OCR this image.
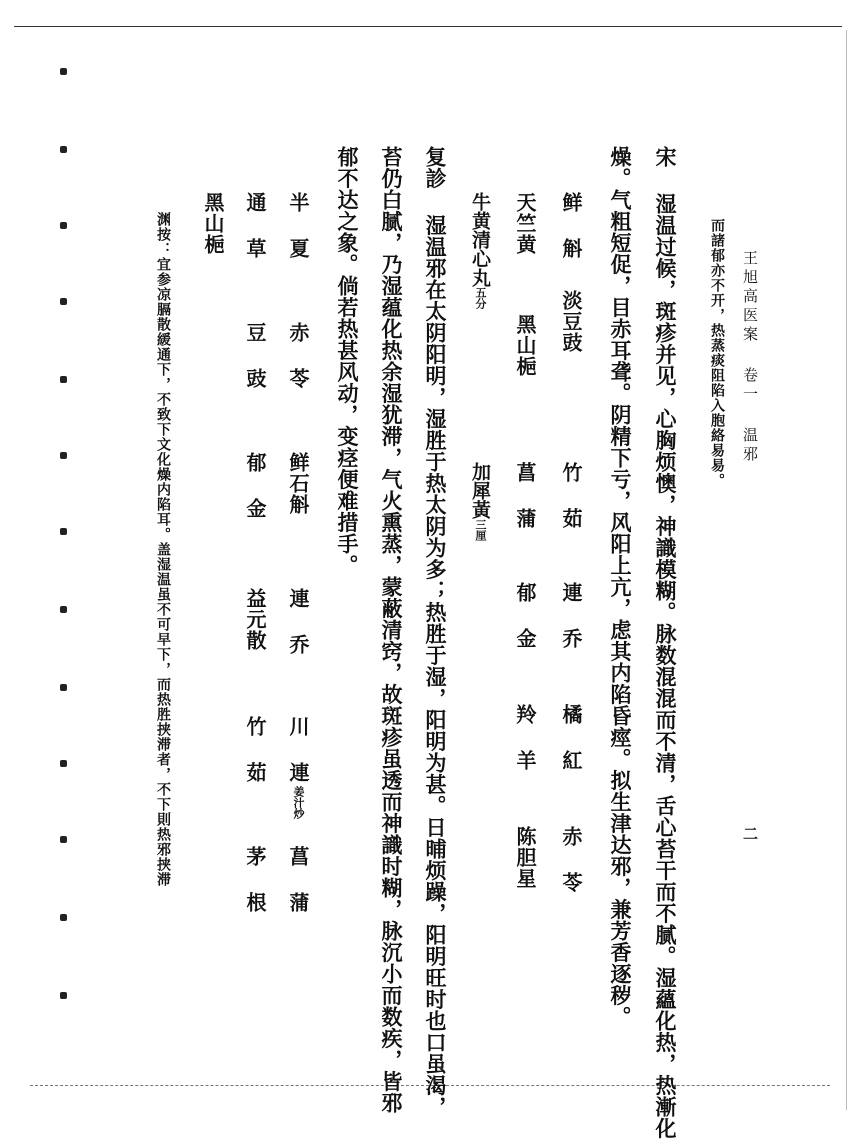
王旭高医案 卷一 温邪
二
而諸郁亦不开，热蒸痰阻陷入胞絡易易。
宋 湿温过候，斑疹并见，心胸烦懊，神識模糊。脉数混混而不清，舌心苔干而不腻。湿蘊化热，热漸化
燥。气粗短促，目赤耳聋。阴精下亏，风阳上亢，虑其内陷昏痙。拟生津达邪，兼芳香逐秽。
鲜 斛
淡豆豉
竹 茹
連 乔
橘 紅
赤 苓
天竺黄
黑山梔
菖 蒲
郁 金
羚 羊
陈胆星
牛黄清心丸五分
加犀黃三厘
复診 湿温邪在太阴阳明，湿胜于热太阴为多；热胜于湿，阳明为甚。日晡烦躁，阳明旺时也口虽渴，
苔仍白腻，乃湿蕴化热余湿犹滞，气火熏蒸，蒙蔽清窍，故斑疹虽透而神識时糊，脉沉小而数疾，皆邪
郁不达之象。倘若热甚风动，变痉便难措手。
半 夏
赤 苓
鲜石斛
連 乔
川 連
姜汁炒
菖 蒲
通 草
豆 豉
郁 金
益元散
竹 茹
茅 根
黑山梔
渊按：宜参凉膈散緩通下，不致下文化燥内陷耳。盖湿温虽不可早下，而热胜挟滞者，不下則热邪挟滞
